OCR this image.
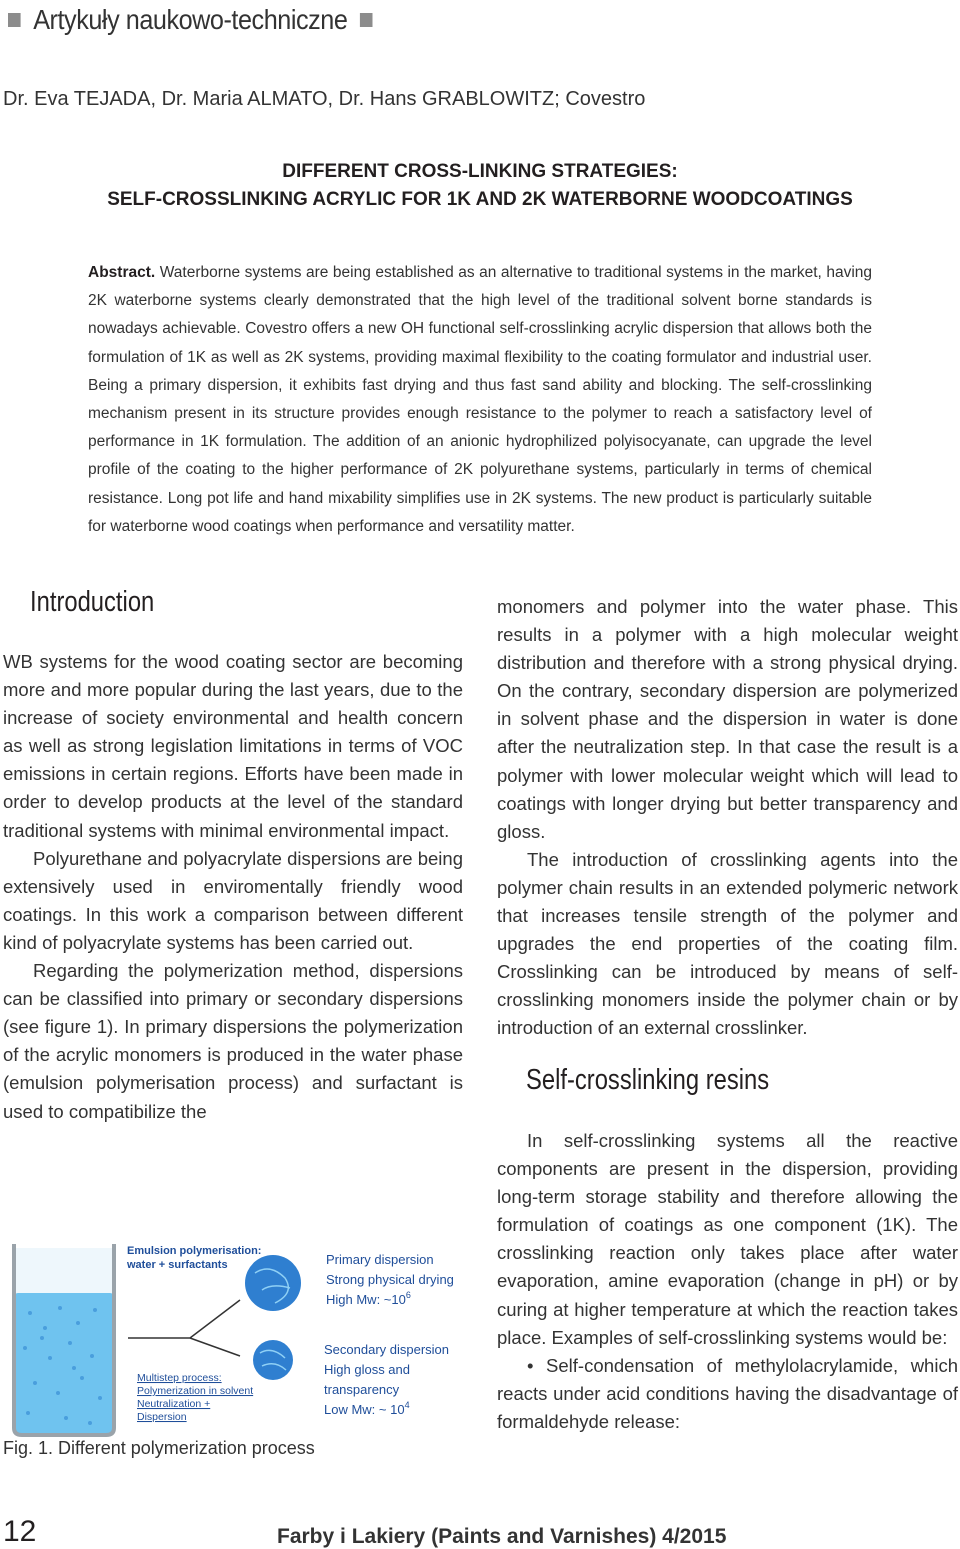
Artykuły naukowo-techniczne
Dr. Eva TEJADA, Dr. Maria ALMATO, Dr. Hans GRABLOWITZ; Covestro
DIFFERENT CROSS-LINKING STRATEGIES:
SELF-CROSSLINKING ACRYLIC FOR 1K AND 2K WATERBORNE WOODCOATINGS
Abstract. Waterborne systems are being established as an alternative to traditional systems in the market, having 2K waterborne systems clearly demonstrated that the high level of the traditional solvent borne standards is nowadays achievable. Covestro offers a new OH functional self-crosslinking acrylic dispersion that allows both the formulation of 1K as well as 2K systems, providing maximal flexibility to the coating formulator and industrial user. Being a primary dispersion, it exhibits fast drying and thus fast sand ability and blocking. The self-crosslinking mechanism present in its structure provides enough resistance to the polymer to reach a satisfactory level of performance in 1K formulation. The addition of an anionic hydrophilized polyisocyanate, can upgrade the level profile of the coating to the higher performance of 2K polyurethane systems, particularly in terms of chemical resistance. Long pot life and hand mixability simplifies use in 2K systems. The new product is particularly suitable for waterborne wood coatings when performance and versatility matter.
Introduction

WB systems for the wood coating sector are becoming more and more popular during the last years, due to the increase of society environmental and health concern as well as strong legislation limitations in terms of VOC emissions in certain regions. Efforts have been made in order to develop products at the level of the standard traditional systems with minimal environmental impact.

Polyurethane and polyacrylate dispersions are being extensively used in enviromentally friendly wood coatings. In this work a comparison between different kind of polyacrylate systems has been carried out.

Regarding the polymerization method, dispersions can be classified into primary or secondary dispersions (see figure 1). In primary dispersions the polymerization of the acrylic monomers is produced in the water phase (emulsion polymerisation process) and surfactant is used to compatibilize the

monomers and polymer into the water phase. This results in a polymer with a high molecular weight distribution and therefore with a strong physical drying. On the contrary, secondary dispersion are polymerized in solvent phase and the dispersion in water is done after the neutralization step. In that case the result is a polymer with lower molecular weight which will lead to coatings with longer drying but better transparency and gloss.

The introduction of crosslinking agents into the polymer chain results in an extended polymeric network that increases tensile strength of the polymer and upgrades the end properties of the coating film. Crosslinking can be introduced by means of self-crosslinking monomers inside the polymer chain or by introduction of an external crosslinker.

Self-crosslinking resins

In self-crosslinking systems all the reactive components are present in the dispersion, providing long-term storage stability and therefore allowing the formulation of coatings as one component (1K). The crosslinking reaction only takes place after water evaporation, amine evaporation (change in pH) or by curing at higher temperature at which the reaction takes place. Examples of self-crosslinking systems would be:

• Self-condensation of methylolacrylamide, which reacts under acid conditions having the disadvantage of formaldehyde release:

Emulsion polymerisation:
water + surfactants	Primary dispersion
Strong physical drying
High Mw: $\sim 10^6$
Multistep process:
Polymerization in solvent
Neutralization +
Dispersion
Secondary dispersion
High gloss and
transparency
Low Mw: ~ $10^4$
Fig. 1. Different polymerization process
12	Farby i Lakiery (Paints and Varnishes) 4/2015
